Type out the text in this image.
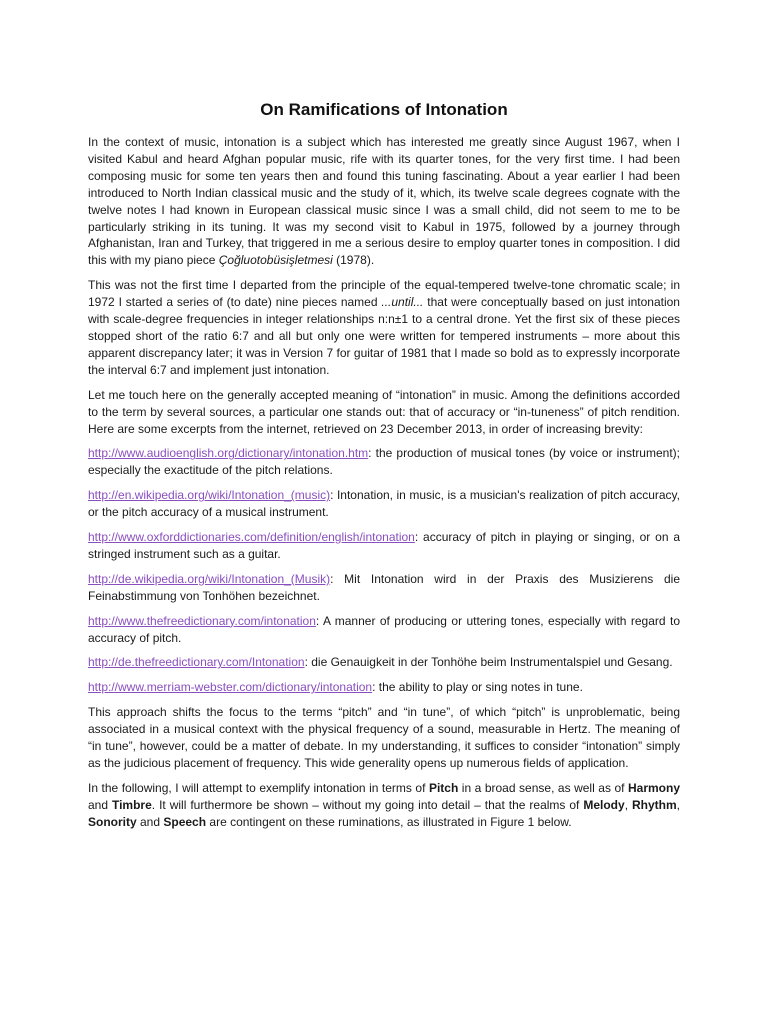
On Ramifications of Intonation

In the context of music, intonation is a subject which has interested me greatly since August 1967, when I visited Kabul and heard Afghan popular music, rife with its quarter tones, for the very first time. I had been composing music for some ten years then and found this tuning fascinating. About a year earlier I had been introduced to North Indian classical music and the study of it, which, its twelve scale degrees cognate with the twelve notes I had known in European classical music since I was a small child, did not seem to me to be particularly striking in its tuning. It was my second visit to Kabul in 1975, followed by a journey through Afghanistan, Iran and Turkey, that triggered in me a serious desire to employ quarter tones in composition. I did this with my piano piece Çoğluotobüsişletmesi (1978).

This was not the first time I departed from the principle of the equal-tempered twelve-tone chromatic scale; in 1972 I started a series of (to date) nine pieces named ...until... that were conceptually based on just intonation with scale-degree frequencies in integer relationships n:n±1 to a central drone. Yet the first six of these pieces stopped short of the ratio 6:7 and all but only one were written for tempered instruments – more about this apparent discrepancy later; it was in Version 7 for guitar of 1981 that I made so bold as to expressly incorporate the interval 6:7 and implement just intonation.

Let me touch here on the generally accepted meaning of “intonation” in music. Among the definitions accorded to the term by several sources, a particular one stands out: that of accuracy or “in-tuneness” of pitch rendition. Here are some excerpts from the internet, retrieved on 23 December 2013, in order of increasing brevity:

http://www.audioenglish.org/dictionary/intonation.htm: the production of musical tones (by voice or instrument); especially the exactitude of the pitch relations.

http://en.wikipedia.org/wiki/Intonation_(music): Intonation, in music, is a musician's realization of pitch accuracy, or the pitch accuracy of a musical instrument.

http://www.oxforddictionaries.com/definition/english/intonation: accuracy of pitch in playing or singing, or on a stringed instrument such as a guitar.

http://de.wikipedia.org/wiki/Intonation_(Musik): Mit Intonation wird in der Praxis des Musizierens die Feinabstimmung von Tonhöhen bezeichnet.

http://www.thefreedictionary.com/intonation: A manner of producing or uttering tones, especially with regard to accuracy of pitch.

http://de.thefreedictionary.com/Intonation: die Genauigkeit in der Tonhöhe beim Instrumentalspiel und Gesang.

http://www.merriam-webster.com/dictionary/intonation: the ability to play or sing notes in tune.

This approach shifts the focus to the terms “pitch” and “in tune”, of which “pitch” is unproblematic, being associated in a musical context with the physical frequency of a sound, measurable in Hertz. The meaning of “in tune”, however, could be a matter of debate. In my understanding, it suffices to consider “intonation” simply as the judicious placement of frequency. This wide generality opens up numerous fields of application.

In the following, I will attempt to exemplify intonation in terms of Pitch in a broad sense, as well as of Harmony and Timbre. It will furthermore be shown – without my going into detail – that the realms of Melody, Rhythm, Sonority and Speech are contingent on these ruminations, as illustrated in Figure 1 below.
